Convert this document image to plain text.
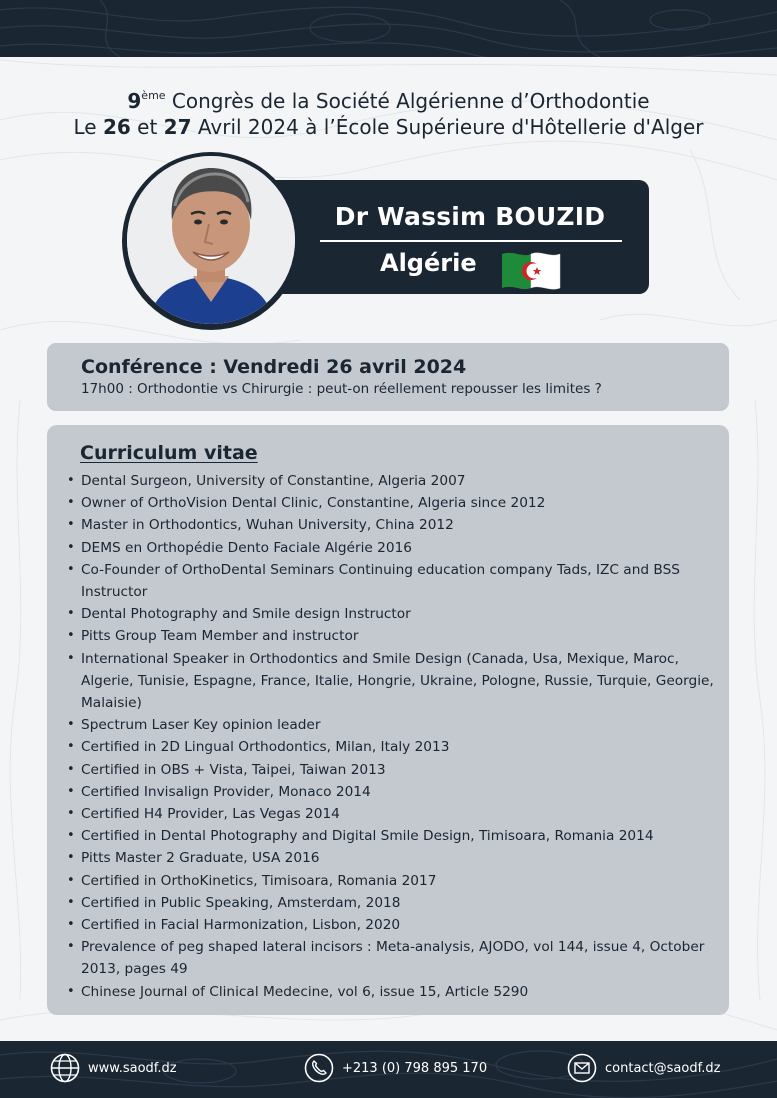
9ème Congrès de la Société Algérienne d’Orthodontie
Le 26 et 27 Avril 2024 à l’École Supérieure d'Hôtellerie d'Alger
Dr Wassim BOUZID
Algérie
Conférence : Vendredi 26 avril 2024
17h00 : Orthodontie vs Chirurgie : peut-on réellement repousser les limites ?
Curriculum vitae
• Dental Surgeon, University of Constantine, Algeria 2007
• Owner of OrthoVision Dental Clinic, Constantine, Algeria since 2012
• Master in Orthodontics, Wuhan University, China 2012
• DEMS en Orthopédie Dento Faciale Algérie 2016
• Co-Founder of OrthoDental Seminars Continuing education company Tads, IZC and BSS Instructor
• Dental Photography and Smile design Instructor
• Pitts Group Team Member and instructor
• International Speaker in Orthodontics and Smile Design (Canada, Usa, Mexique, Maroc, Algerie, Tunisie, Espagne, France, Italie, Hongrie, Ukraine, Pologne, Russie, Turquie, Georgie, Malaisie)
• Spectrum Laser Key opinion leader
• Certified in 2D Lingual Orthodontics, Milan, Italy 2013
• Certified in OBS + Vista, Taipei, Taiwan 2013
• Certified Invisalign Provider, Monaco 2014
• Certified H4 Provider, Las Vegas 2014
• Certified in Dental Photography and Digital Smile Design, Timisoara, Romania 2014
• Pitts Master 2 Graduate, USA 2016
• Certified in OrthoKinetics, Timisoara, Romania 2017
• Certified in Public Speaking, Amsterdam, 2018
• Certified in Facial Harmonization, Lisbon, 2020
• Prevalence of peg shaped lateral incisors : Meta-analysis, AJODO, vol 144, issue 4, October 2013, pages 49
• Chinese Journal of Clinical Medecine, vol 6, issue 15, Article 5290
www.saodf.dz	+213 (0) 798 895 170	contact@saodf.dz
